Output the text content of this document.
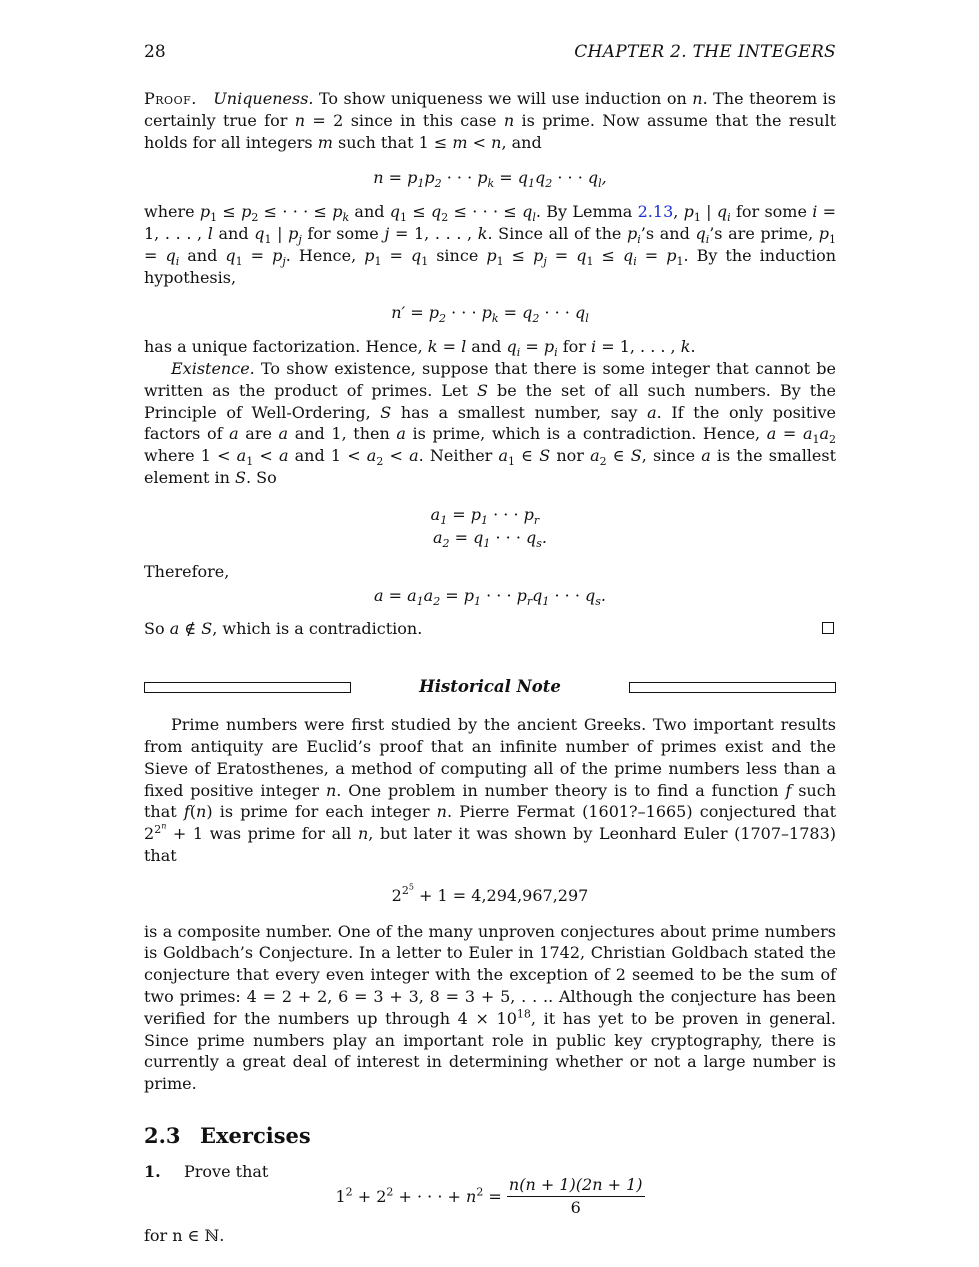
28	CHAPTER 2. THE INTEGERS

Proof. Uniqueness. To show uniqueness we will use induction on n. The theorem is certainly true for n = 2 since in this case n is prime. Now assume that the result holds for all integers m such that 1 ≤ m < n, and

$n = p_1p_2$ · · · $p_k = q_1q_2$ · · · $q_l$,

where $p_1 \le p_2$ ≤ · · · ≤ $p_k$ and $q_1 \le q_2$ ≤ · · · ≤ $q_l$. By Lemma 2.13, $p_1$ | $q_i$ for some i = 1, . . . , l and $q_1$ | $p_j$ for some j = 1, . . . , k. Since all of the $p_i’s$ and $q_i’s$ are prime, $p_1 = q_i$ and $q_1 = p_j$. Hence, $p_1 = q_1$ since $p_1 \le p_j = q_1 \le q_i = p_1$. By the induction hypothesis,

$n' = p_2$ · · · $p_k = q_2$ · · · $q_l$

has a unique factorization. Hence, k = l and $q_i = p_i$ for i = 1, . . . , k.

Existence. To show existence, suppose that there is some integer that cannot be written as the product of primes. Let S be the set of all such numbers. By the Principle of Well-Ordering, S has a smallest number, say a. If the only positive factors of a are a and 1, then a is prime, which is a contradiction. Hence, $a = a_1a_2$ where $1 < a_1 < a$ and $1 < a_2 < a$. Neither $a_1$ ∈ S nor $a_2$ ∈ S, since a is the smallest element in S. So

$a_1 = p_1$ · · · $p_r$
$a_2 = q_1$ · · · $q_s$.

Therefore,

$a = a_1a_2 = p_1$ · · · $p_rq_1$ · · · $q_s$.

So a ∉ S, which is a contradiction.

Historical Note

Prime numbers were first studied by the ancient Greeks. Two important results from antiquity are Euclid’s proof that an infinite number of primes exist and the Sieve of Eratosthenes, a method of computing all of the prime numbers less than a fixed positive integer n. One problem in number theory is to find a function f such that f(n) is prime for each integer n. Pierre Fermat (1601?–1665) conjectured that $2^{2^n} + 1$ was prime for all n, but later it was shown by Leonhard Euler (1707–1783) that

$2^{2^5} + 1 = 4,294,967,297$

is a composite number. One of the many unproven conjectures about prime numbers is Goldbach’s Conjecture. In a letter to Euler in 1742, Christian Goldbach stated the conjecture that every even integer with the exception of 2 seemed to be the sum of two primes: 4 = 2 + 2, 6 = 3 + 3, 8 = 3 + 5, . . .. Although the conjecture has been verified for the numbers up through $4 \times 10^{18}$, it has yet to be proven in general. Since prime numbers play an important role in public key cryptography, there is currently a great deal of interest in determining whether or not a large number is prime.

2.3 Exercises

1. Prove that

$1^2 + 2^2$ + · · · + $n^2 = \frac{n(n + 1)(2n + 1)}{6}$

for n ∈ ℕ.
